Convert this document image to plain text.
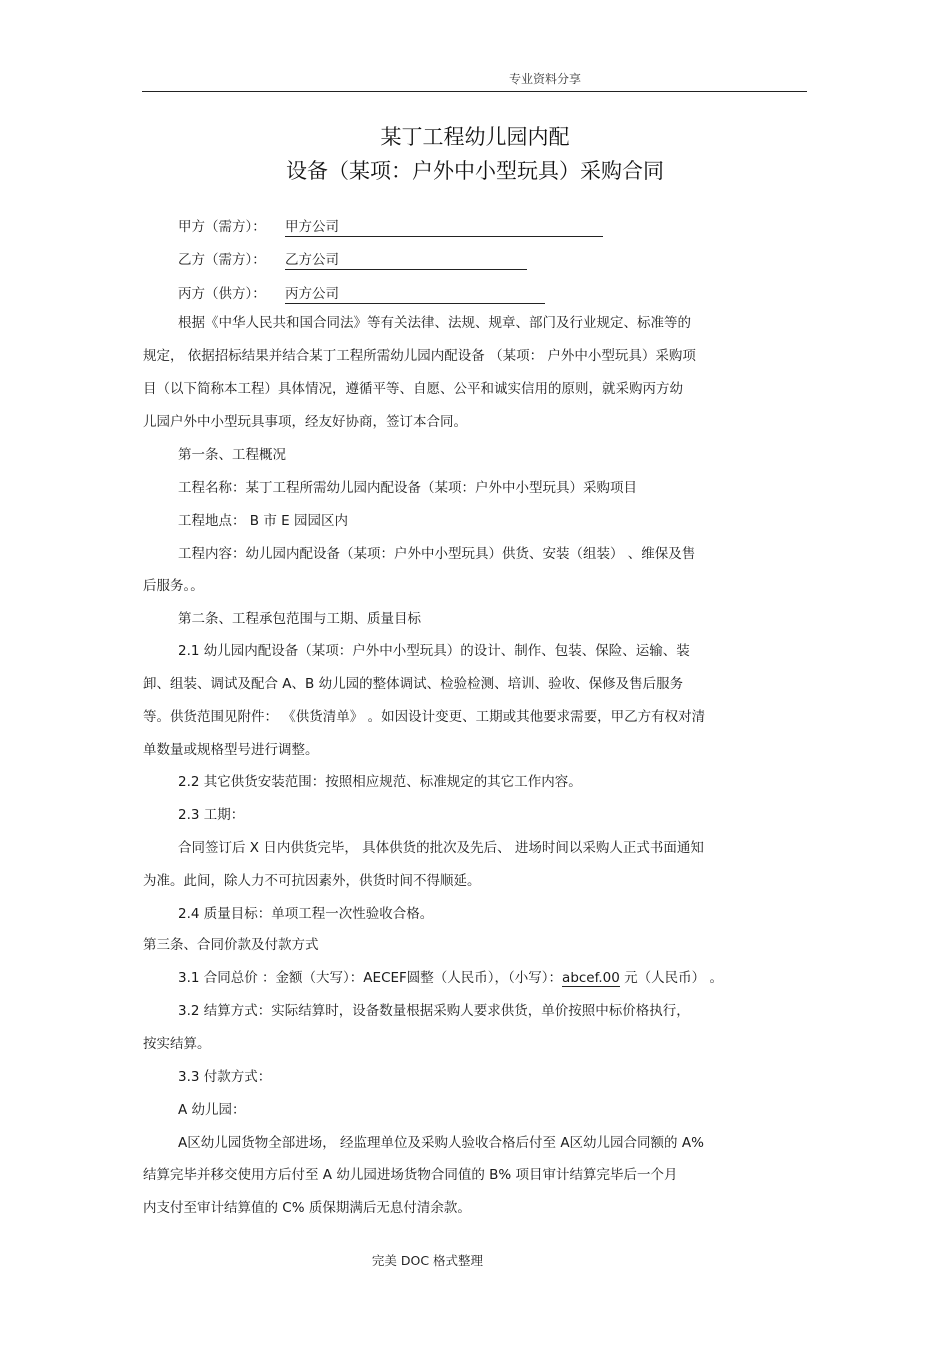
专业资料分享
某丁工程幼儿园内配
设备（某项：户外中小型玩具）采购合同
甲方（需方）： 甲方公司
乙方（需方）： 乙方公司
丙方（供方）： 丙方公司
根据《中华人民共和国合同法》等有关法律、法规、规章、部门及行业规定、标准等的
规定， 依据招标结果并结合某丁工程所需幼儿园内配设备 （某项： 户外中小型玩具）采购项
目（以下简称本工程）具体情况，遵循平等、自愿、公平和诚实信用的原则，就采购丙方幼
儿园户外中小型玩具事项，经友好协商，签订本合同。
第一条、工程概况
工程名称：某丁工程所需幼儿园内配设备（某项：户外中小型玩具）采购项目
工程地点： B 市 E 园园区内
工程内容：幼儿园内配设备（某项：户外中小型玩具）供货、安装（组装） 、维保及售
后服务。。
第二条、工程承包范围与工期、质量目标
2.1 幼儿园内配设备（某项：户外中小型玩具）的设计、制作、包装、保险、运输、装
卸、组装、调试及配合 A、B 幼儿园的整体调试、检验检测、培训、验收、保修及售后服务
等。供货范围见附件： 《供货清单》 。如因设计变更、工期或其他要求需要，甲乙方有权对清
单数量或规格型号进行调整。
2.2 其它供货安装范围：按照相应规范、标准规定的其它工作内容。
2.3 工期：
合同签订后 X 日内供货完毕， 具体供货的批次及先后、 进场时间以采购人正式书面通知
为准。此间，除人力不可抗因素外，供货时间不得顺延。
2.4 质量目标：单项工程一次性验收合格。
第三条、合同价款及付款方式
3.1 合同总价 ：金额（大写）：AECEF圆整（人民币），（小写）：abcef.00 元（人民币） 。
3.2 结算方式：实际结算时，设备数量根据采购人要求供货，单价按照中标价格执行，
按实结算。
3.3 付款方式：
A 幼儿园：
A区幼儿园货物全部进场， 经监理单位及采购人验收合格后付至 A区幼儿园合同额的 A%
结算完毕并移交使用方后付至 A 幼儿园进场货物合同值的 B% 项目审计结算完毕后一个月
内支付至审计结算值的 C% 质保期满后无息付清余款。
完美 DOC 格式整理
